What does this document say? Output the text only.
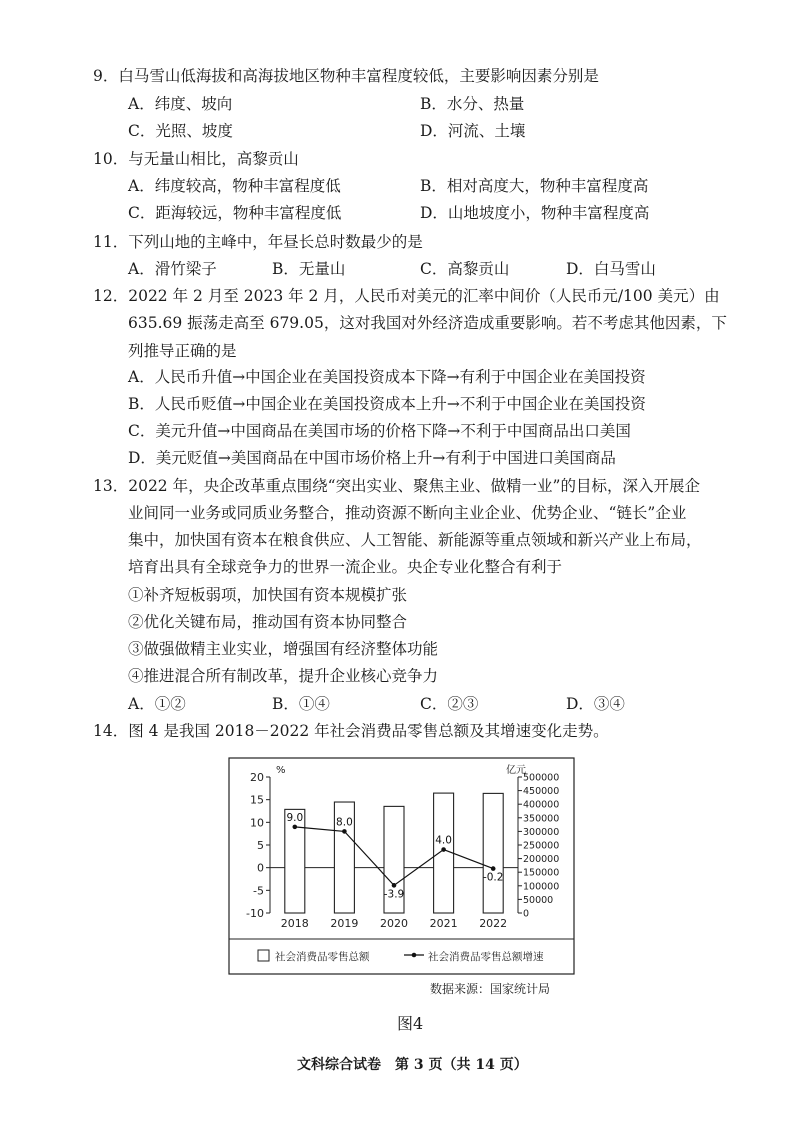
9．白马雪山低海拔和高海拔地区物种丰富程度较低，主要影响因素分别是
A．纬度、坡向	B．水分、热量
C．光照、坡度	D．河流、土壤
10．与无量山相比，高黎贡山
A．纬度较高，物种丰富程度低	B．相对高度大，物种丰富程度高
C．距海较远，物种丰富程度低	D．山地坡度小，物种丰富程度高
11．下列山地的主峰中，年昼长总时数最少的是
A．滑竹梁子	B．无量山	C．高黎贡山	D．白马雪山
12．2022 年 2 月至 2023 年 2 月，人民币对美元的汇率中间价（人民币元/100 美元）由
635.69 振荡走高至 679.05，这对我国对外经济造成重要影响。若不考虑其他因素，下
列推导正确的是
A．人民币升值→中国企业在美国投资成本下降→有利于中国企业在美国投资
B．人民币贬值→中国企业在美国投资成本上升→不利于中国企业在美国投资
C．美元升值→中国商品在美国市场的价格下降→不利于中国商品出口美国
D．美元贬值→美国商品在中国市场价格上升→有利于中国进口美国商品
13．2022 年，央企改革重点围绕“突出实业、聚焦主业、做精一业”的目标，深入开展企
业间同一业务或同质业务整合，推动资源不断向主业企业、优势企业、“链长”企业
集中，加快国有资本在粮食供应、人工智能、新能源等重点领域和新兴产业上布局，
培育出具有全球竞争力的世界一流企业。央企专业化整合有利于
①补齐短板弱项，加快国有资本规模扩张
②优化关键布局，推动国有资本协同整合
③做强做精主业实业，增强国有经济整体功能
④推进混合所有制改革，提升企业核心竞争力
A．①②	B．①④	C．②③	D．③④
14．图 4 是我国 2018－2022 年社会消费品零售总额及其增速变化走势。
20
15
10
5
0
-5
-10
%
500000
450000
400000
350000
300000
250000
200000
150000
100000
50000
0
亿元
2018 2019 2020 2021 2022
9.0	8.0
-3.9
4.0
-0.2
社会消费品零售总额	社会消费品零售总额增速
数据来源：国家统计局
图4
文科综合试卷　第 3 页（共 14 页）
